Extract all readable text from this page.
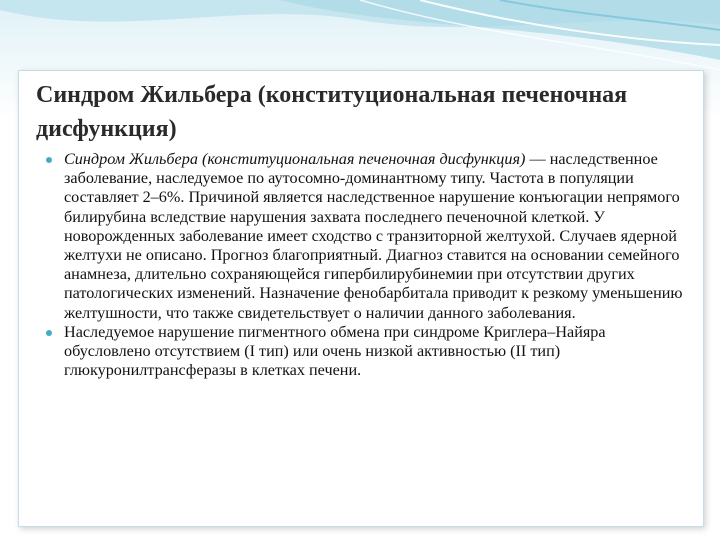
Синдром Жильбера (конституциональная печеночная дисфункция)
Синдром Жильбера (конституциональная печеночная дисфункция) — наследственное заболевание, наследуемое по аутосомно-доминантному типу. Частота в популяции составляет 2–6%. Причиной является наследственное нарушение конъюгации непрямого билирубина вследствие нарушения захвата последнего печеночной клеткой. У новорожденных заболевание имеет сходство с транзиторной желтухой. Случаев ядерной желтухи не описано. Прогноз благоприятный. Диагноз ставится на основании семейного анамнеза, длительно сохраняющейся гипербилирубинемии при отсутствии других патологических изменений. Назначение фенобарбитала приводит к резкому уменьшению желтушности, что также свидетельствует о наличии данного заболевания.
Наследуемое нарушение пигментного обмена при синдроме Криглера–Найяра обусловлено отсутствием (I тип) или очень низкой активностью (II тип) глюкуронилтрансферазы в клетках печени.
